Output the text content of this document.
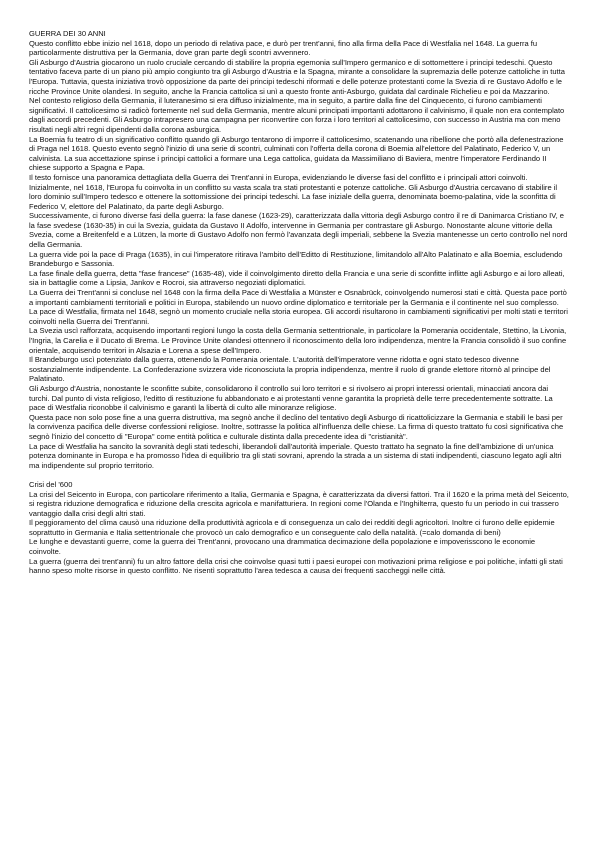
GUERRA DEI 30 ANNI

Questo conflitto ebbe inizio nel 1618, dopo un periodo di relativa pace, e durò per trent'anni, fino alla firma della Pace di Westfalia nel 1648. La guerra fu particolarmente distruttiva per la Germania, dove gran parte degli scontri avvennero.

Gli Asburgo d'Austria giocarono un ruolo cruciale cercando di stabilire la propria egemonia sull'Impero germanico e di sottomettere i principi tedeschi. Questo tentativo faceva parte di un piano più ampio congiunto tra gli Asburgo d'Austria e la Spagna, mirante a consolidare la supremazia delle potenze cattoliche in tutta l'Europa. Tuttavia, questa iniziativa trovò opposizione da parte dei principi tedeschi riformati e delle potenze protestanti come la Svezia di re Gustavo Adolfo e le ricche Province Unite olandesi. In seguito, anche la Francia cattolica si unì a questo fronte anti-Asburgo, guidata dal cardinale Richelieu e poi da Mazzarino.

Nel contesto religioso della Germania, il luteranesimo si era diffuso inizialmente, ma in seguito, a partire dalla fine del Cinquecento, ci furono cambiamenti significativi. Il cattolicesimo si radicò fortemente nel sud della Germania, mentre alcuni principati importanti adottarono il calvinismo, il quale non era contemplato dagli accordi precedenti. Gli Asburgo intrapresero una campagna per riconvertire con forza i loro territori al cattolicesimo, con successo in Austria ma con meno risultati negli altri regni dipendenti dalla corona asburgica.

La Boemia fu teatro di un significativo conflitto quando gli Asburgo tentarono di imporre il cattolicesimo, scatenando una ribellione che portò alla defenestrazione di Praga nel 1618. Questo evento segnò l'inizio di una serie di scontri, culminati con l'offerta della corona di Boemia all'elettore del Palatinato, Federico V, un calvinista. La sua accettazione spinse i principi cattolici a formare una Lega cattolica, guidata da Massimiliano di Baviera, mentre l'imperatore Ferdinando II chiese supporto a Spagna e Papa.

Il testo fornisce una panoramica dettagliata della Guerra dei Trent'anni in Europa, evidenziando le diverse fasi del conflitto e i principali attori coinvolti.

Inizialmente, nel 1618, l'Europa fu coinvolta in un conflitto su vasta scala tra stati protestanti e potenze cattoliche. Gli Asburgo d'Austria cercavano di stabilire il loro dominio sull'Impero tedesco e ottenere la sottomissione dei principi tedeschi. La fase iniziale della guerra, denominata boemo-palatina, vide la sconfitta di Federico V, elettore del Palatinato, da parte degli Asburgo.

Successivamente, ci furono diverse fasi della guerra: la fase danese (1623-29), caratterizzata dalla vittoria degli Asburgo contro il re di Danimarca Cristiano IV, e la fase svedese (1630-35) in cui la Svezia, guidata da Gustavo II Adolfo, intervenne in Germania per contrastare gli Asburgo. Nonostante alcune vittorie della Svezia, come a Breitenfeld e a Lützen, la morte di Gustavo Adolfo non fermò l'avanzata degli imperiali, sebbene la Svezia mantenesse un certo controllo nel nord della Germania.

La guerra vide poi la pace di Praga (1635), in cui l'imperatore ritirava l'ambito dell'Editto di Restituzione, limitandolo all'Alto Palatinato e alla Boemia, escludendo Brandeburgo e Sassonia.

La fase finale della guerra, detta "fase francese" (1635-48), vide il coinvolgimento diretto della Francia e una serie di sconfitte inflitte agli Asburgo e ai loro alleati, sia in battaglie come a Lipsia, Jankov e Rocroi, sia attraverso negoziati diplomatici.

La Guerra dei Trent'anni si concluse nel 1648 con la firma della Pace di Westfalia a Münster e Osnabrück, coinvolgendo numerosi stati e città. Questa pace portò a importanti cambiamenti territoriali e politici in Europa, stabilendo un nuovo ordine diplomatico e territoriale per la Germania e il continente nel suo complesso.

La pace di Westfalia, firmata nel 1648, segnò un momento cruciale nella storia europea. Gli accordi risultarono in cambiamenti significativi per molti stati e territori coinvolti nella Guerra dei Trent'anni.

La Svezia uscì rafforzata, acquisendo importanti regioni lungo la costa della Germania settentrionale, in particolare la Pomerania occidentale, Stettino, la Livonia, l'Ingria, la Carelia e il Ducato di Brema. Le Province Unite olandesi ottennero il riconoscimento della loro indipendenza, mentre la Francia consolidò il suo confine orientale, acquisendo territori in Alsazia e Lorena a spese dell'Impero.

Il Brandeburgo uscì potenziato dalla guerra, ottenendo la Pomerania orientale. L'autorità dell'imperatore venne ridotta e ogni stato tedesco divenne sostanzialmente indipendente. La Confederazione svizzera vide riconosciuta la propria indipendenza, mentre il ruolo di grande elettore ritornò al principe del Palatinato.

Gli Asburgo d'Austria, nonostante le sconfitte subite, consolidarono il controllo sui loro territori e si rivolsero ai propri interessi orientali, minacciati ancora dai turchi. Dal punto di vista religioso, l'editto di restituzione fu abbandonato e ai protestanti venne garantita la proprietà delle terre precedentemente sottratte. La pace di Westfalia riconobbe il calvinismo e garantì la libertà di culto alle minoranze religiose.

Questa pace non solo pose fine a una guerra distruttiva, ma segnò anche il declino del tentativo degli Asburgo di ricattolicizzare la Germania e stabilì le basi per la convivenza pacifica delle diverse confessioni religiose. Inoltre, sottrasse la politica all'influenza delle chiese. La firma di questo trattato fu così significativa che segnò l'inizio del concetto di "Europa" come entità politica e culturale distinta dalla precedente idea di "cristianità".

La pace di Westfalia ha sancito la sovranità degli stati tedeschi, liberandoli dall'autorità imperiale. Questo trattato ha segnato la fine dell'ambizione di un'unica potenza dominante in Europa e ha promosso l'idea di equilibrio tra gli stati sovrani, aprendo la strada a un sistema di stati indipendenti, ciascuno legato agli altri ma indipendente sul proprio territorio.

Crisi del '600

La crisi del Seicento in Europa, con particolare riferimento a Italia, Germania e Spagna, è caratterizzata da diversi fattori. Tra il 1620 e la prima metà del Seicento, si registra riduzione demografica e riduzione della crescita agricola e manifatturiera. In regioni come l'Olanda e l'Inghilterra, questo fu un periodo in cui trassero vantaggio dalla crisi degli altri stati.

Il peggioramento del clima causò una riduzione della produttività agricola e di conseguenza un calo dei redditi degli agricoltori. Inoltre ci furono delle epidemie soprattutto in Germania e Italia settentrionale che provocò un calo demografico e un conseguente calo della natalità. (=calo domanda di beni)

Le lunghe e devastanti guerre, come la guerra dei Trent'anni, provocano una drammatica decimazione della popolazione e impoverisscono le economie coinvolte.

La guerra (guerra dei trent'anni) fu un altro fattore della crisi che coinvolse quasi tutti i paesi europei con motivazioni prima religiose e poi politiche, infatti gli stati hanno speso molte risorse in questo conflitto. Ne risentì soprattutto l'area tedesca a causa dei frequenti saccheggi nelle città.
